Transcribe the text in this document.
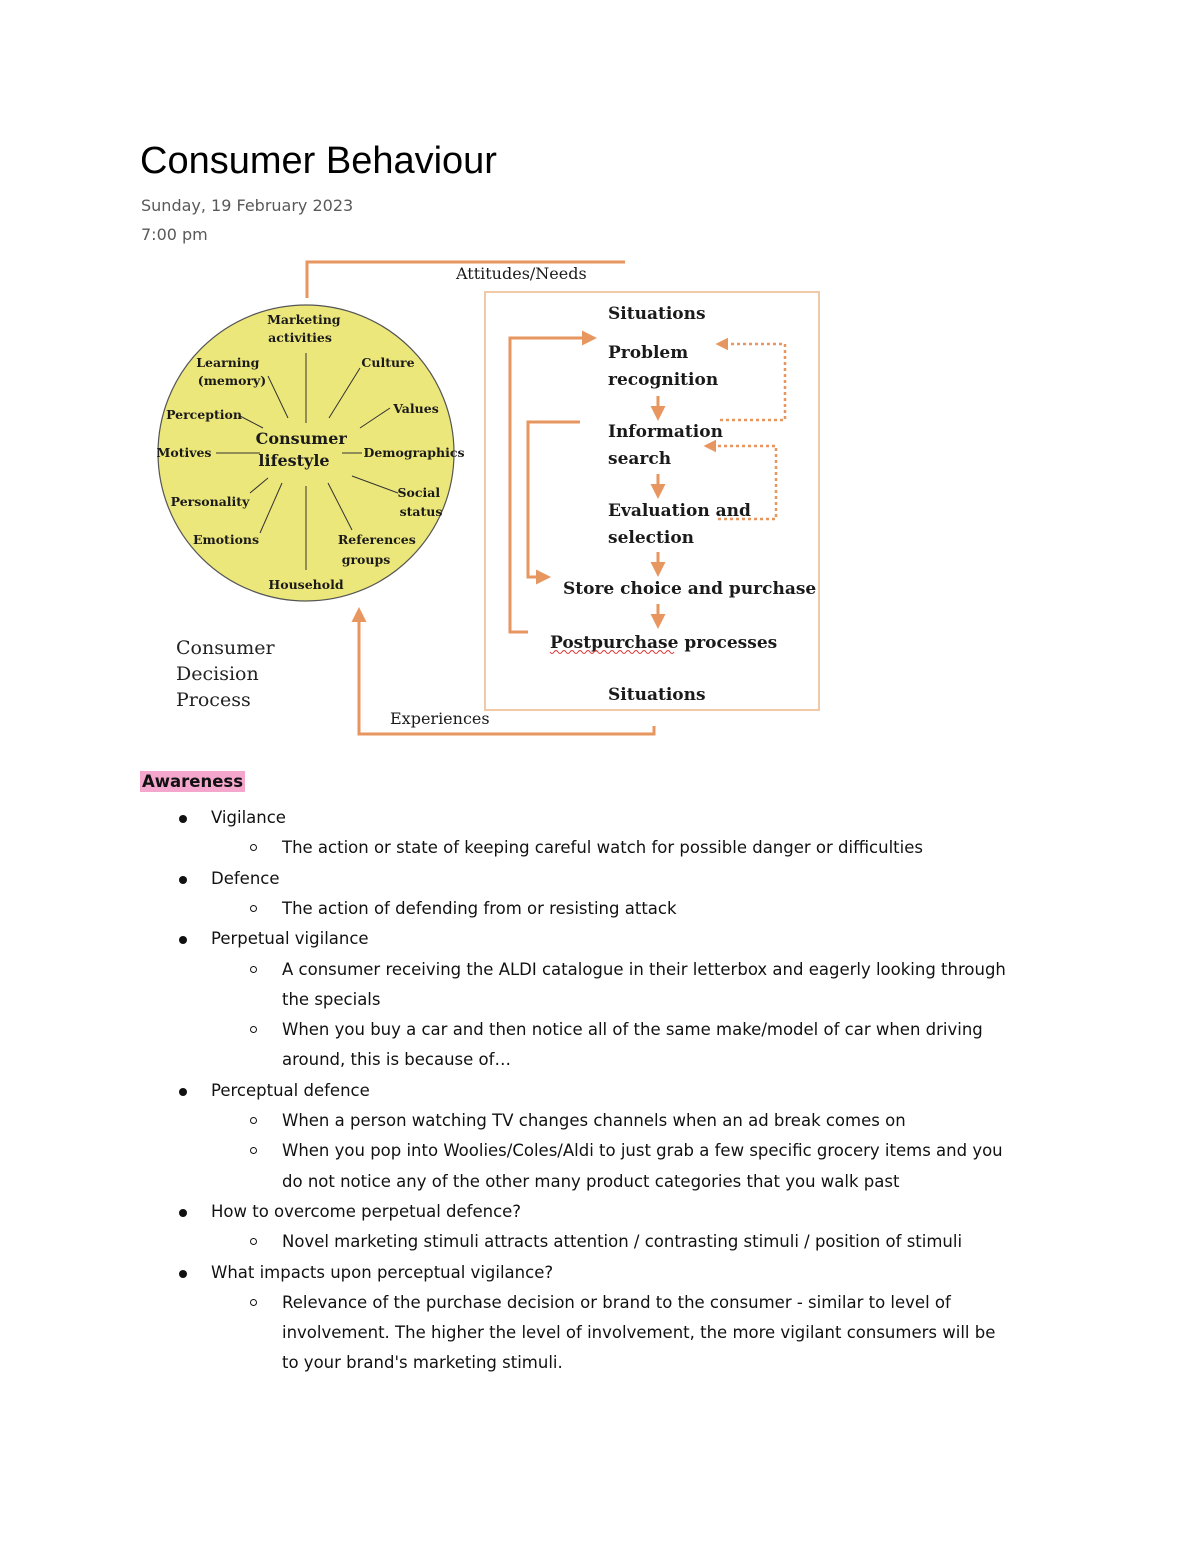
Consumer Behaviour
Sunday, 19 February 2023
7:00 pm
Attitudes/Needs
Consumer lifestyle
Marketing activities
Learning (memory)
Culture
Perception	Values
Motives	Demographics
Personality
Social status
Emotions	References groups
Household
Consumer Decision Process
Experiences
Situations
Problem recognition
Information search
Evaluation and selection
Store choice and purchase
Postpurchase processes
Situations
Awareness
Vigilance
The action or state of keeping careful watch for possible danger or difficulties
Defence
The action of defending from or resisting attack
Perpetual vigilance
A consumer receiving the ALDI catalogue in their letterbox and eagerly looking through
the specials
When you buy a car and then notice all of the same make/model of car when driving
around, this is because of…
Perceptual defence
When a person watching TV changes channels when an ad break comes on
When you pop into Woolies/Coles/Aldi to just grab a few specific grocery items and you
do not notice any of the other many product categories that you walk past
How to overcome perpetual defence?
Novel marketing stimuli attracts attention / contrasting stimuli / position of stimuli
What impacts upon perceptual vigilance?
Relevance of the purchase decision or brand to the consumer - similar to level of
involvement. The higher the level of involvement, the more vigilant consumers will be
to your brand's marketing stimuli.
